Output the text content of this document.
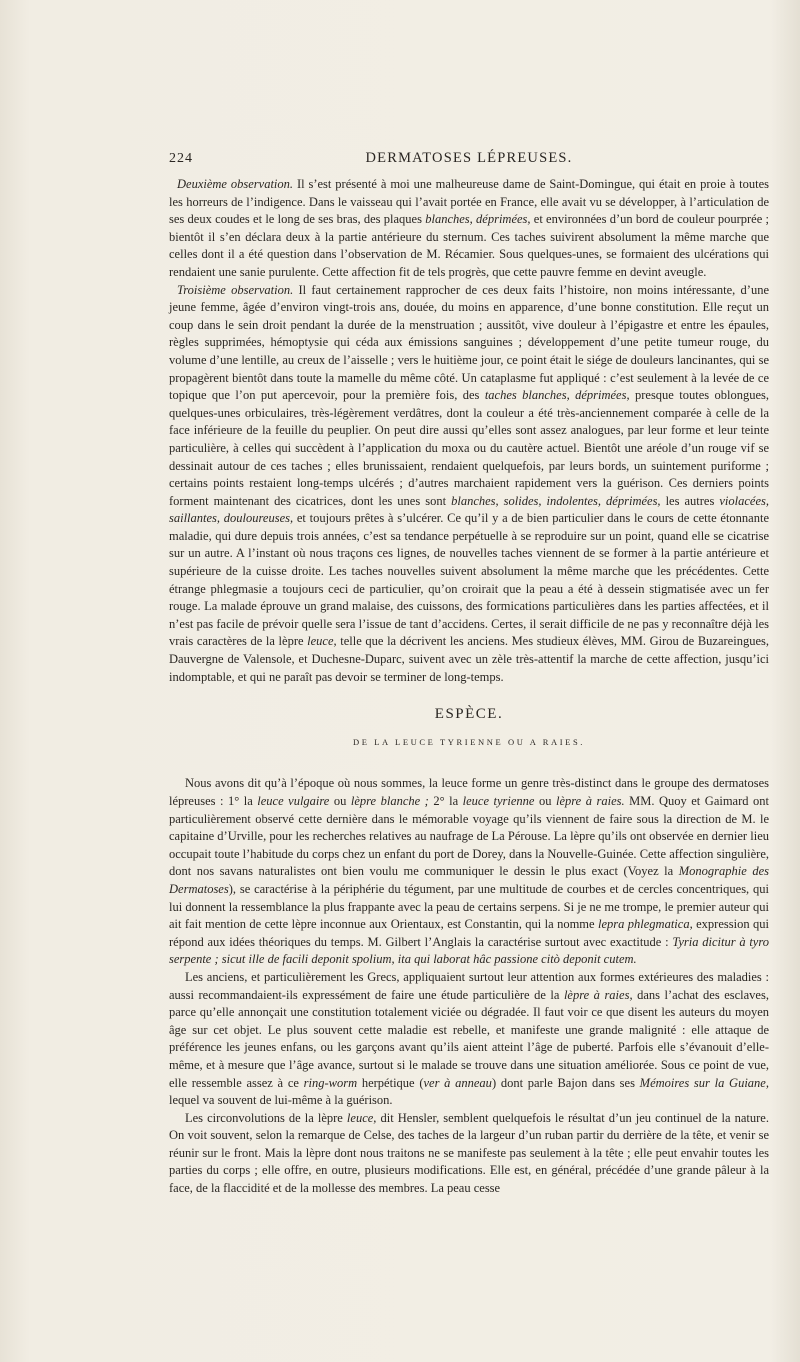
224	DERMATOSES LÉPREUSES.

Deuxième observation. Il s’est présenté à moi une malheureuse dame de Saint-Domingue, qui était en proie à toutes les horreurs de l’indigence. Dans le vaisseau qui l’avait portée en France, elle avait vu se développer, à l’articulation de ses deux coudes et le long de ses bras, des plaques blanches, déprimées, et environnées d’un bord de couleur pourprée ; bientôt il s’en déclara deux à la partie antérieure du sternum. Ces taches suivirent absolument la même marche que celles dont il a été question dans l’observation de M. Récamier. Sous quelques-unes, se formaient des ulcérations qui rendaient une sanie purulente. Cette affection fit de tels progrès, que cette pauvre femme en devint aveugle.

Troisième observation. Il faut certainement rapprocher de ces deux faits l’histoire, non moins intéressante, d’une jeune femme, âgée d’environ vingt-trois ans, douée, du moins en apparence, d’une bonne constitution. Elle reçut un coup dans le sein droit pendant la durée de la menstruation ; aussitôt, vive douleur à l’épigastre et entre les épaules, règles supprimées, hémoptysie qui céda aux émissions sanguines ; développement d’une petite tumeur rouge, du volume d’une lentille, au creux de l’aisselle ; vers le huitième jour, ce point était le siége de douleurs lancinantes, qui se propagèrent bientôt dans toute la mamelle du même côté. Un cataplasme fut appliqué : c’est seulement à la levée de ce topique que l’on put apercevoir, pour la première fois, des taches blanches, déprimées, presque toutes oblongues, quelques-unes orbiculaires, très-légèrement verdâtres, dont la couleur a été très-anciennement comparée à celle de la face inférieure de la feuille du peuplier. On peut dire aussi qu’elles sont assez analogues, par leur forme et leur teinte particulière, à celles qui succèdent à l’application du moxa ou du cautère actuel. Bientôt une aréole d’un rouge vif se dessinait autour de ces taches ; elles brunissaient, rendaient quelquefois, par leurs bords, un suintement puriforme ; certains points restaient long-temps ulcérés ; d’autres marchaient rapidement vers la guérison. Ces derniers points forment maintenant des cicatrices, dont les unes sont blanches, solides, indolentes, déprimées, les autres violacées, saillantes, douloureuses, et toujours prêtes à s’ulcérer. Ce qu’il y a de bien particulier dans le cours de cette étonnante maladie, qui dure depuis trois années, c’est sa tendance perpétuelle à se reproduire sur un point, quand elle se cicatrise sur un autre. A l’instant où nous traçons ces lignes, de nouvelles taches viennent de se former à la partie antérieure et supérieure de la cuisse droite. Les taches nouvelles suivent absolument la même marche que les précédentes. Cette étrange phlegmasie a toujours ceci de particulier, qu’on croirait que la peau a été à dessein stigmatisée avec un fer rouge. La malade éprouve un grand malaise, des cuissons, des formications particulières dans les parties affectées, et il n’est pas facile de prévoir quelle sera l’issue de tant d’accidens. Certes, il serait difficile de ne pas y reconnaître déjà les vrais caractères de la lèpre leuce, telle que la décrivent les anciens. Mes studieux élèves, MM. Girou de Buzareingues, Dauvergne de Valensole, et Duchesne-Duparc, suivent avec un zèle très-attentif la marche de cette affection, jusqu’ici indomptable, et qui ne paraît pas devoir se terminer de long-temps.

ESPÈCE.
DE LA LEUCE TYRIENNE OU A RAIES.

Nous avons dit qu’à l’époque où nous sommes, la leuce forme un genre très-distinct dans le groupe des dermatoses lépreuses : 1° la leuce vulgaire ou lèpre blanche ; 2° la leuce tyrienne ou lèpre à raies. MM. Quoy et Gaimard ont particulièrement observé cette dernière dans le mémorable voyage qu’ils viennent de faire sous la direction de M. le capitaine d’Urville, pour les recherches relatives au naufrage de La Pérouse. La lèpre qu’ils ont observée en dernier lieu occupait toute l’habitude du corps chez un enfant du port de Dorey, dans la Nouvelle-Guinée. Cette affection singulière, dont nos savans naturalistes ont bien voulu me communiquer le dessin le plus exact (Voyez la Monographie des Dermatoses), se caractérise à la périphérie du tégument, par une multitude de courbes et de cercles concentriques, qui lui donnent la ressemblance la plus frappante avec la peau de certains serpens. Si je ne me trompe, le premier auteur qui ait fait mention de cette lèpre inconnue aux Orientaux, est Constantin, qui la nomme lepra phlegmatica, expression qui répond aux idées théoriques du temps. M. Gilbert l’Anglais la caractérise surtout avec exactitude : Tyria dicitur à tyro serpente ; sicut ille de facili deponit spolium, ita qui laborat hâc passione citò deponit cutem.

Les anciens, et particulièrement les Grecs, appliquaient surtout leur attention aux formes extérieures des maladies : aussi recommandaient-ils expressément de faire une étude particulière de la lèpre à raies, dans l’achat des esclaves, parce qu’elle annonçait une constitution totalement viciée ou dégradée. Il faut voir ce que disent les auteurs du moyen âge sur cet objet. Le plus souvent cette maladie est rebelle, et manifeste une grande malignité : elle attaque de préférence les jeunes enfans, ou les garçons avant qu’ils aient atteint l’âge de puberté. Parfois elle s’évanouit d’elle-même, et à mesure que l’âge avance, surtout si le malade se trouve dans une situation améliorée. Sous ce point de vue, elle ressemble assez à ce ring-worm herpétique (ver à anneau) dont parle Bajon dans ses Mémoires sur la Guiane, lequel va souvent de lui-même à la guérison.

Les circonvolutions de la lèpre leuce, dit Hensler, semblent quelquefois le résultat d’un jeu continuel de la nature. On voit souvent, selon la remarque de Celse, des taches de la largeur d’un ruban partir du derrière de la tête, et venir se réunir sur le front. Mais la lèpre dont nous traitons ne se manifeste pas seulement à la tête ; elle peut envahir toutes les parties du corps ; elle offre, en outre, plusieurs modifications. Elle est, en général, précédée d’une grande pâleur à la face, de la flaccidité et de la mollesse des membres. La peau cesse
